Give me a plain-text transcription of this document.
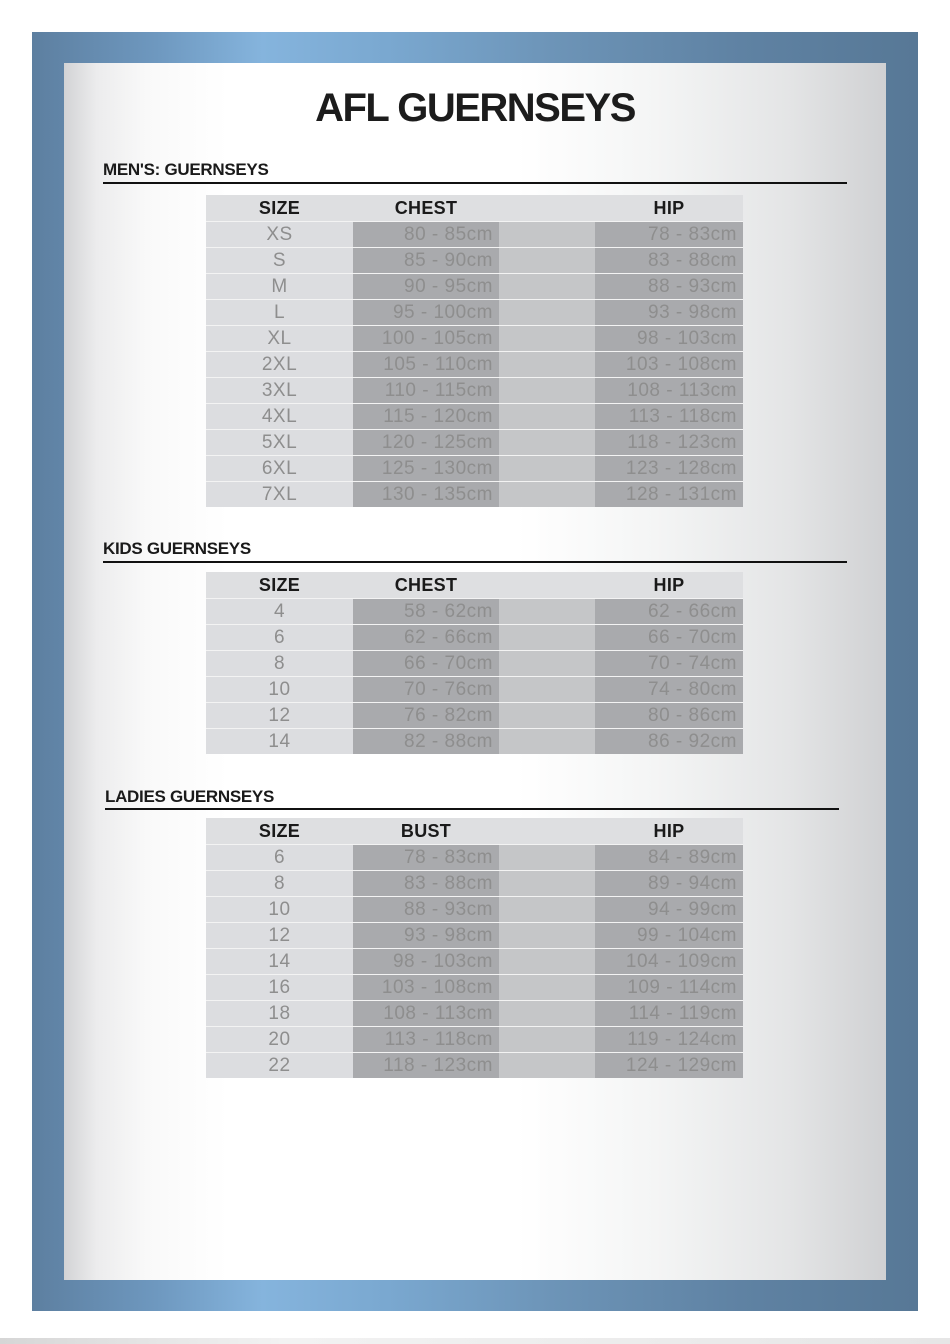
AFL GUERNSEYS
MEN'S: GUERNSEYS
SIZE	CHEST	HIP
XS	80 - 85cm	78 - 83cm
S	85 - 90cm	83 - 88cm
M	90 - 95cm	88 - 93cm
L	95 - 100cm	93 - 98cm
XL	100 - 105cm	98 - 103cm
2XL	105 - 110cm	103 - 108cm
3XL	110 - 115cm	108 - 113cm
4XL	115 - 120cm	113 - 118cm
5XL	120 - 125cm	118 - 123cm
6XL	125 - 130cm	123 - 128cm
7XL	130 - 135cm	128 - 131cm
KIDS GUERNSEYS
SIZE	CHEST	HIP
4	58 - 62cm	62 - 66cm
6	62 - 66cm	66 - 70cm
8	66 - 70cm	70 - 74cm
10	70 - 76cm	74 - 80cm
12	76 - 82cm	80 - 86cm
14	82 - 88cm	86 - 92cm
LADIES GUERNSEYS
SIZE	BUST	HIP
6	78 - 83cm	84 - 89cm
8	83 - 88cm	89 - 94cm
10	88 - 93cm	94 - 99cm
12	93 - 98cm	99 - 104cm
14	98 - 103cm	104 - 109cm
16	103 - 108cm	109 - 114cm
18	108 - 113cm	114 - 119cm
20	113 - 118cm	119 - 124cm
22	118 - 123cm	124 - 129cm
